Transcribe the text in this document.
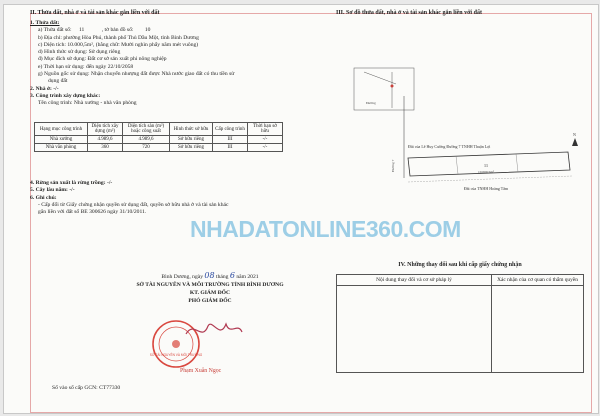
II. Thửa đất, nhà ở và tài sản khác gắn liền với đất
1. Thửa đất:
a) Thửa đất số: 11	, tờ bản đồ số: 10
b) Địa chỉ: phường Hòa Phú, thành phố Thủ Dầu Một, tỉnh Bình Dương
c) Diện tích: 10.000,5m², (bằng chữ: Mười nghìn phẩy năm mét vuông)
d) Hình thức sử dụng: Sử dụng riêng
đ) Mục đích sử dụng: Đất cơ sở sản xuất phi nông nghiệp
e) Thời hạn sử dụng: đến ngày 22/10/2058
g) Nguồn gốc sử dụng: Nhận chuyển nhượng đất được Nhà nước giao đất có thu tiền sử
dụng đất
2. Nhà ở: -/-
3. Công trình xây dựng khác:
Tên công trình: Nhà xưởng - nhà văn phòng
Hạng mục công trình	Diện tích xây dựng (m²)	Diện tích sàn (m²) hoặc công suất	Hình thức sở hữu	Cấp công trình	Thời hạn sở hữu
Nhà xưởng	4.989,6	4.989,6	Sở hữu riêng	III	-/-
Nhà văn phòng	360	720	Sở hữu riêng	III	-/-
4. Rừng sản xuất là rừng trồng: -/-
5. Cây lâu năm: -/-
6. Ghi chú:
- Cấp đổi từ Giấy chứng nhận quyền sử dụng đất, quyền sở hữu nhà ở và tài sản khác
gắn liền với đất số BE 300626 ngày 31/10/2011.
Bình Dương, ngày 08 tháng 6 năm 2021
SỞ TÀI NGUYÊN VÀ MÔI TRƯỜNG TỈNH BÌNH DƯƠNG
KT. GIÁM ĐỐC
PHÓ GIÁM ĐỐC
SỞ TÀI NGUYÊN VÀ MÔI TRƯỜNG
Phạm Xuân Ngọc
Số vào sổ cấp GCN: CT77330
III. Sơ đồ thửa đất, nhà ở và tài sản khác gắn liền với đất
Đường
Đường 7
Đất của Lê Huy Cường Ðường 7 TNHH Thuận Lợi
11
10.000,5m²
Đất của TNHH Hoàng Tâm
N
IV. Những thay đổi sau khi cấp giấy chứng nhận
Nội dung thay đổi và cơ sở pháp lý	Xác nhận của cơ quan có thẩm quyền

NHADATONLINE360.COM
